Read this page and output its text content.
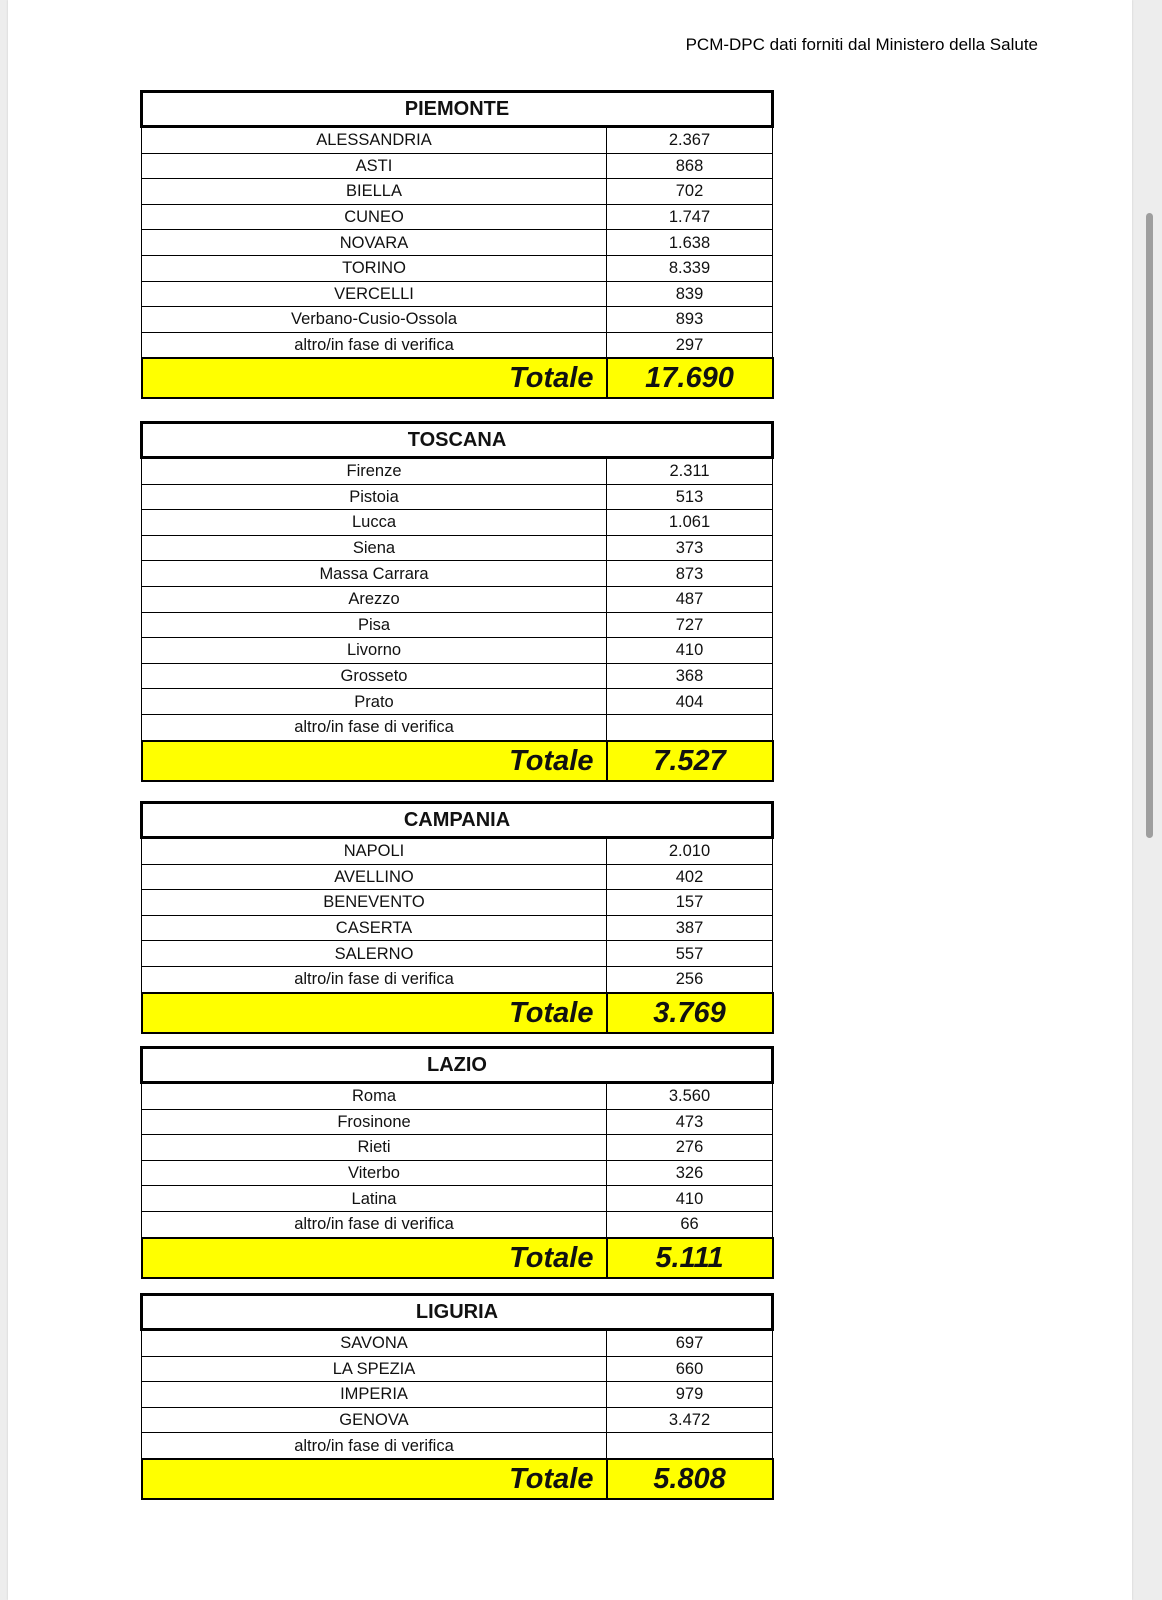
PCM-DPC dati forniti dal Ministero della Salute
PIEMONTE	
ALESSANDRIA	2.367
ASTI	868
BIELLA	702
CUNEO	1.747
NOVARA	1.638
TORINO	8.339
VERCELLI	839
Verbano-Cusio-Ossola	893
altro/in fase di verifica	297
Totale	17.690
TOSCANA	
Firenze	2.311
Pistoia	513
Lucca	1.061
Siena	373
Massa Carrara	873
Arezzo	487
Pisa	727
Livorno	410
Grosseto	368
Prato	404
altro/in fase di verifica	
Totale	7.527
CAMPANIA	
NAPOLI	2.010
AVELLINO	402
BENEVENTO	157
CASERTA	387
SALERNO	557
altro/in fase di verifica	256
Totale	3.769
LAZIO	
Roma	3.560
Frosinone	473
Rieti	276
Viterbo	326
Latina	410
altro/in fase di verifica	66
Totale	5.111
LIGURIA	
SAVONA	697
LA SPEZIA	660
IMPERIA	979
GENOVA	3.472
altro/in fase di verifica	
Totale	5.808
